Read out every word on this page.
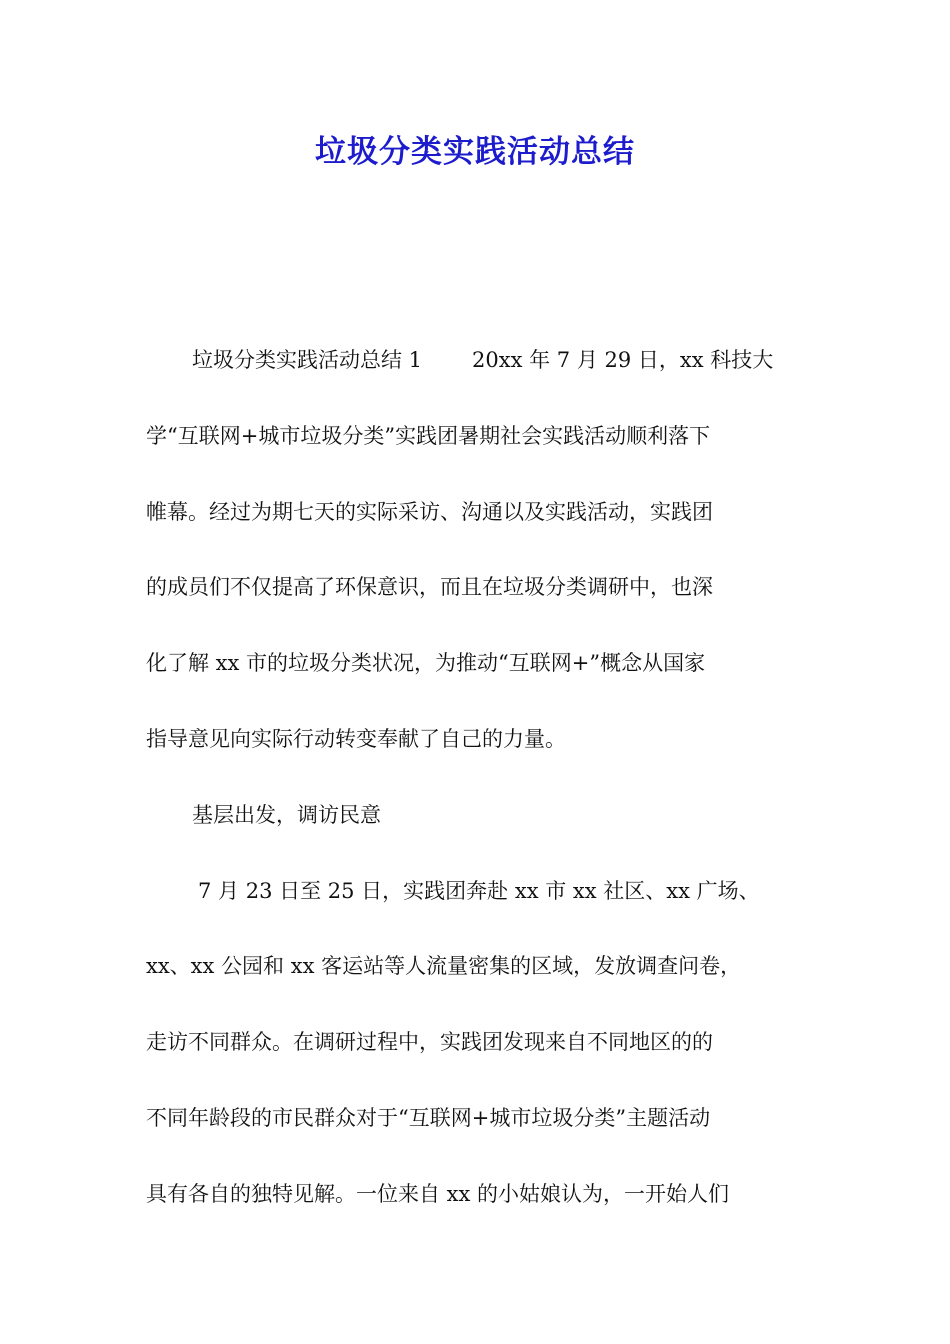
垃圾分类实践活动总结
垃圾分类实践活动总结 1 20xx 年 7 月 29 日，xx 科技大
学“互联网+城市垃圾分类”实践团暑期社会实践活动顺利落下
帷幕。经过为期七天的实际采访、沟通以及实践活动，实践团
的成员们不仅提高了环保意识，而且在垃圾分类调研中，也深
化了解 xx 市的垃圾分类状况，为推动“互联网+”概念从国家
指导意见向实际行动转变奉献了自己的力量。
基层出发，调访民意
7 月 23 日至 25 日，实践团奔赴 xx 市 xx 社区、xx 广场、
xx、xx 公园和 xx 客运站等人流量密集的区域，发放调查问卷，
走访不同群众。在调研过程中，实践团发现来自不同地区的的
不同年龄段的市民群众对于“互联网+城市垃圾分类”主题活动
具有各自的独特见解。一位来自 xx 的小姑娘认为，一开始人们
